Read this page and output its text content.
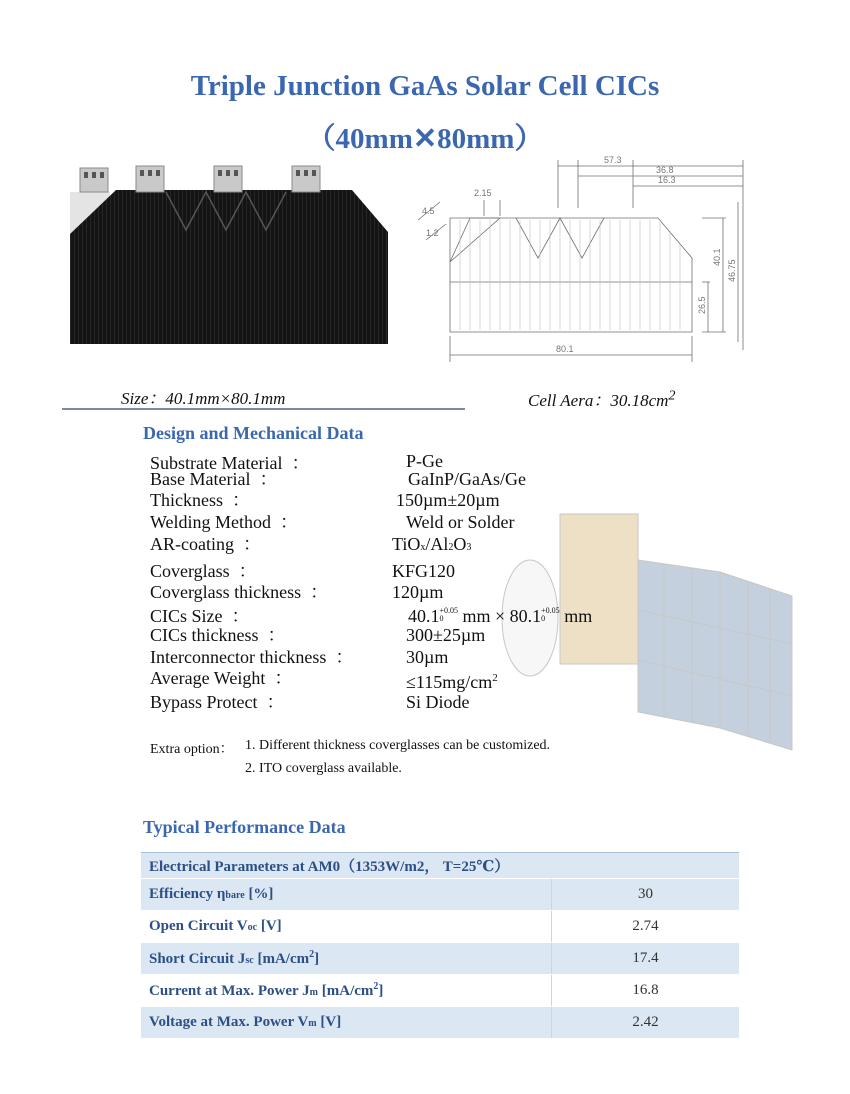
Triple Junction GaAs Solar Cell CICs
（40mm✕80mm）
57.3
36.8
16.3
2.15
4.5
1.2
40.1
46.75
26.5
80.1
Size：40.1mm×80.1mm	Cell Aera：$30.18cm^2$
Design and Mechanical Data
Substrate Material  ：	P-Ge
Base Material  ：	GaInP/GaAs/Ge
Thickness  ：	150µm±20µm
Welding Method  ：	Weld or Solder
AR-coating  ：	TiOx/Al2O3
Coverglass  ：	KFG120
Coverglass thickness  ：	120µm
CICs Size  ：	40.1+0.05
0 mm × 80.1+0.05
0 mm
CICs thickness  ：	300±25µm
Interconnector thickness  ：	30µm
Average Weight  ：	$\le 115mg/cm^2$
Bypass Protect  ：	Si Diode
Extra option： 1. Different thickness coverglasses can be customized.
2. ITO coverglass available.
Typical Performance Data
Electrical Parameters at AM0（1353W/m2， T=25℃）	
Efficiency ηbare [%]	30
Open Circuit Voc [V]	2.74
Short Circuit Jsc $[mA/cm^2]$	17.4
Current at Max. Power Jm $[mA/cm^2]$	16.8
Voltage at Max. Power Vm [V]	2.42
